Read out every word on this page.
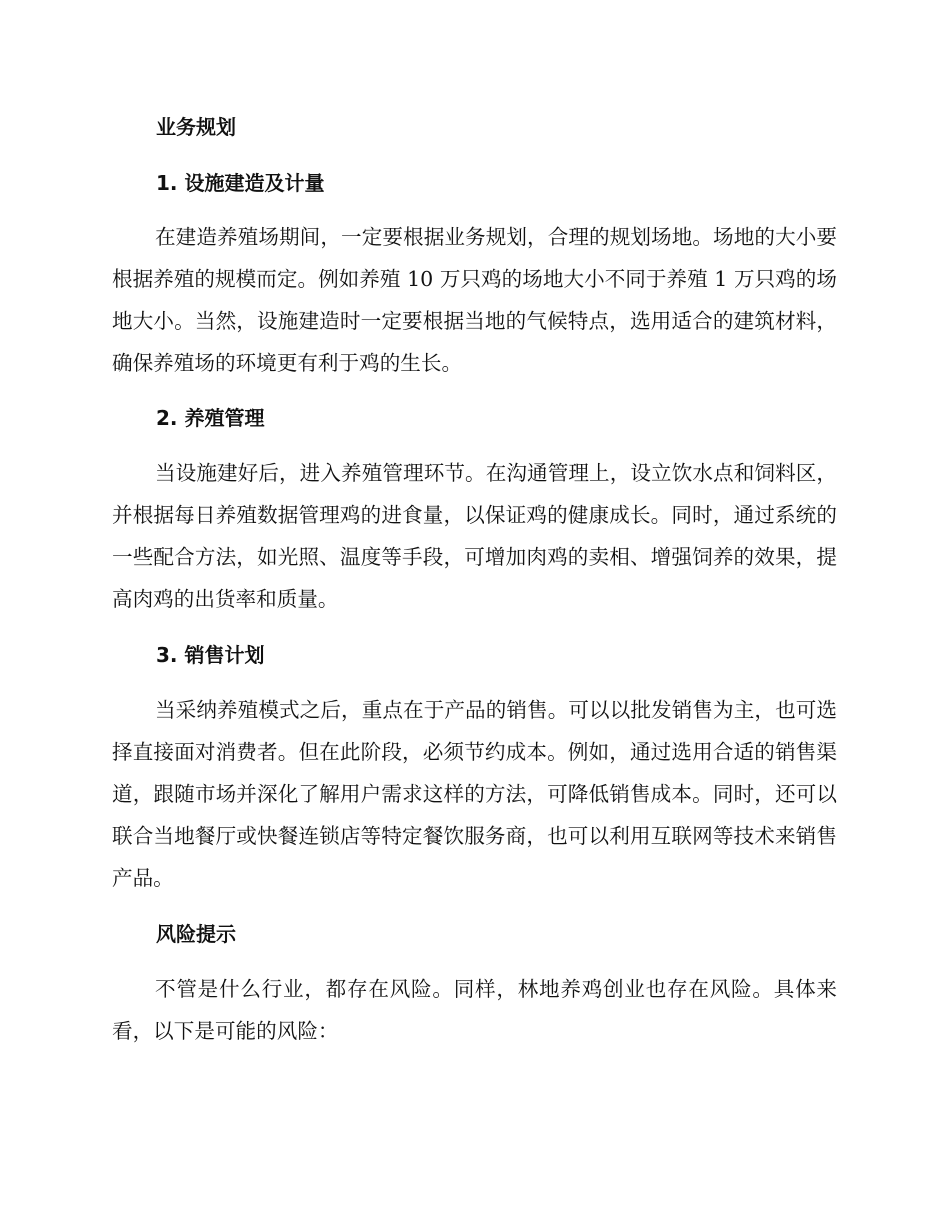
业务规划
1. 设施建造及计量

在建造养殖场期间，一定要根据业务规划，合理的规划场地。场地的大小要根据养殖的规模而定。例如养殖 10 万只鸡的场地大小不同于养殖 1 万只鸡的场地大小。当然，设施建造时一定要根据当地的气候特点，选用适合的建筑材料，确保养殖场的环境更有利于鸡的生长。

2. 养殖管理

当设施建好后，进入养殖管理环节。在沟通管理上，设立饮水点和饲料区，并根据每日养殖数据管理鸡的进食量，以保证鸡的健康成长。同时，通过系统的一些配合方法，如光照、温度等手段，可增加肉鸡的卖相、增强饲养的效果，提高肉鸡的出货率和质量。

3. 销售计划

当采纳养殖模式之后，重点在于产品的销售。可以以批发销售为主，也可选择直接面对消费者。但在此阶段，必须节约成本。例如，通过选用合适的销售渠道，跟随市场并深化了解用户需求这样的方法，可降低销售成本。同时，还可以联合当地餐厅或快餐连锁店等特定餐饮服务商，也可以利用互联网等技术来销售产品。

风险提示

不管是什么行业，都存在风险。同样，林地养鸡创业也存在风险。具体来看，以下是可能的风险：
